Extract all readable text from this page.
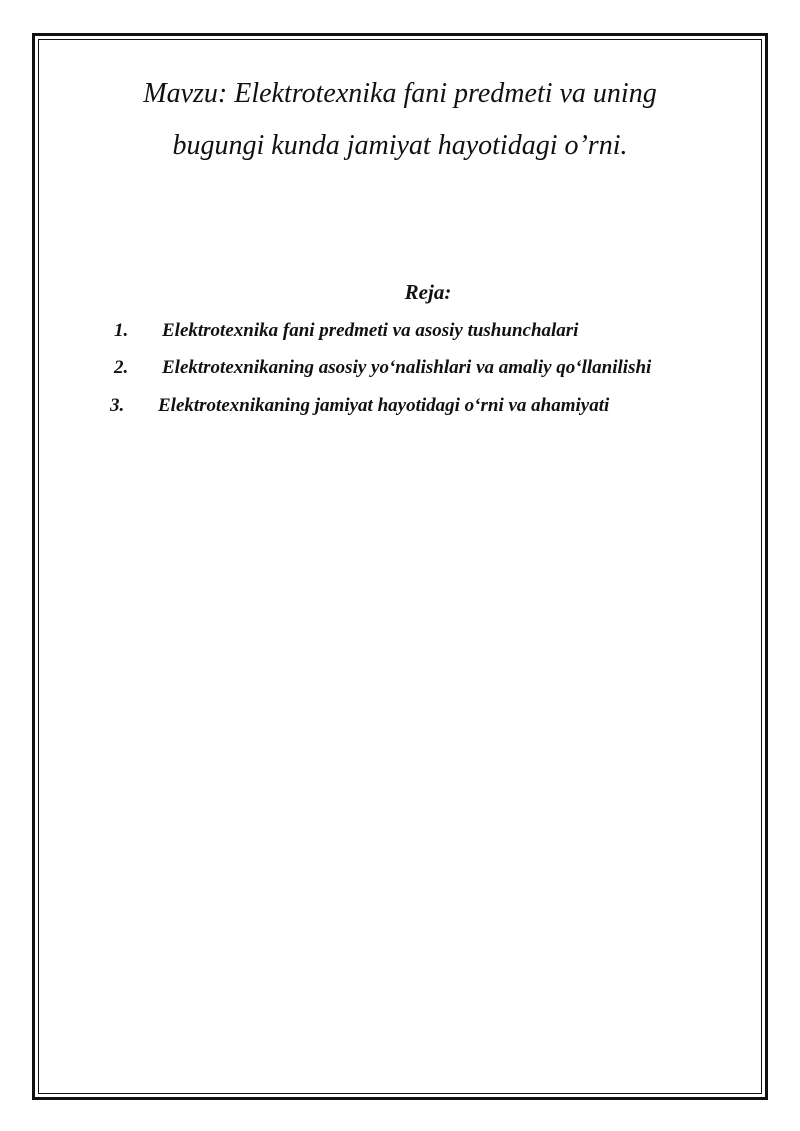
Mavzu: Elektrotexnika fani predmeti va uning
bugungi kunda jamiyat hayotidagi o’rni.
Reja:
1. Elektrotexnika fani predmeti va asosiy tushunchalari
2. Elektrotexnikaning asosiy yo‘nalishlari va amaliy qo‘llanilishi
3. Elektrotexnikaning jamiyat hayotidagi o‘rni va ahamiyati
